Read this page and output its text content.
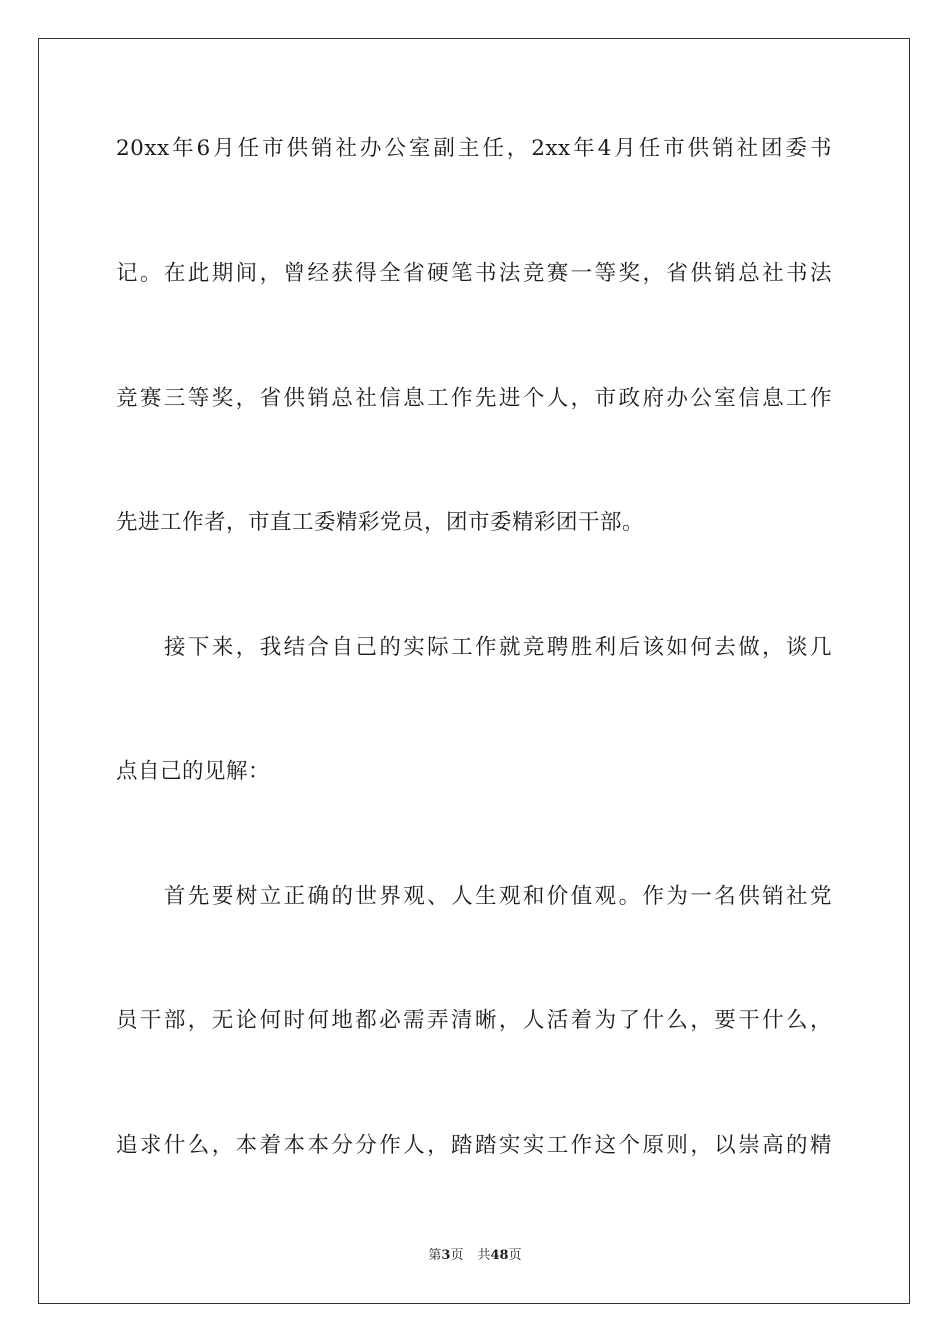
20xx年6月任市供销社办公室副主任，2xx年4月任市供销社团委书
记。在此期间，曾经获得全省硬笔书法竞赛一等奖，省供销总社书法
竞赛三等奖，省供销总社信息工作先进个人，市政府办公室信息工作
先进工作者，市直工委精彩党员，团市委精彩团干部。
接下来，我结合自己的实际工作就竞聘胜利后该如何去做，谈几
点自己的见解：
首先要树立正确的世界观、人生观和价值观。作为一名供销社党
员干部，无论何时何地都必需弄清晰，人活着为了什么，要干什么，
追求什么，本着本本分分作人，踏踏实实工作这个原则，以崇高的精
第3页 共48页
